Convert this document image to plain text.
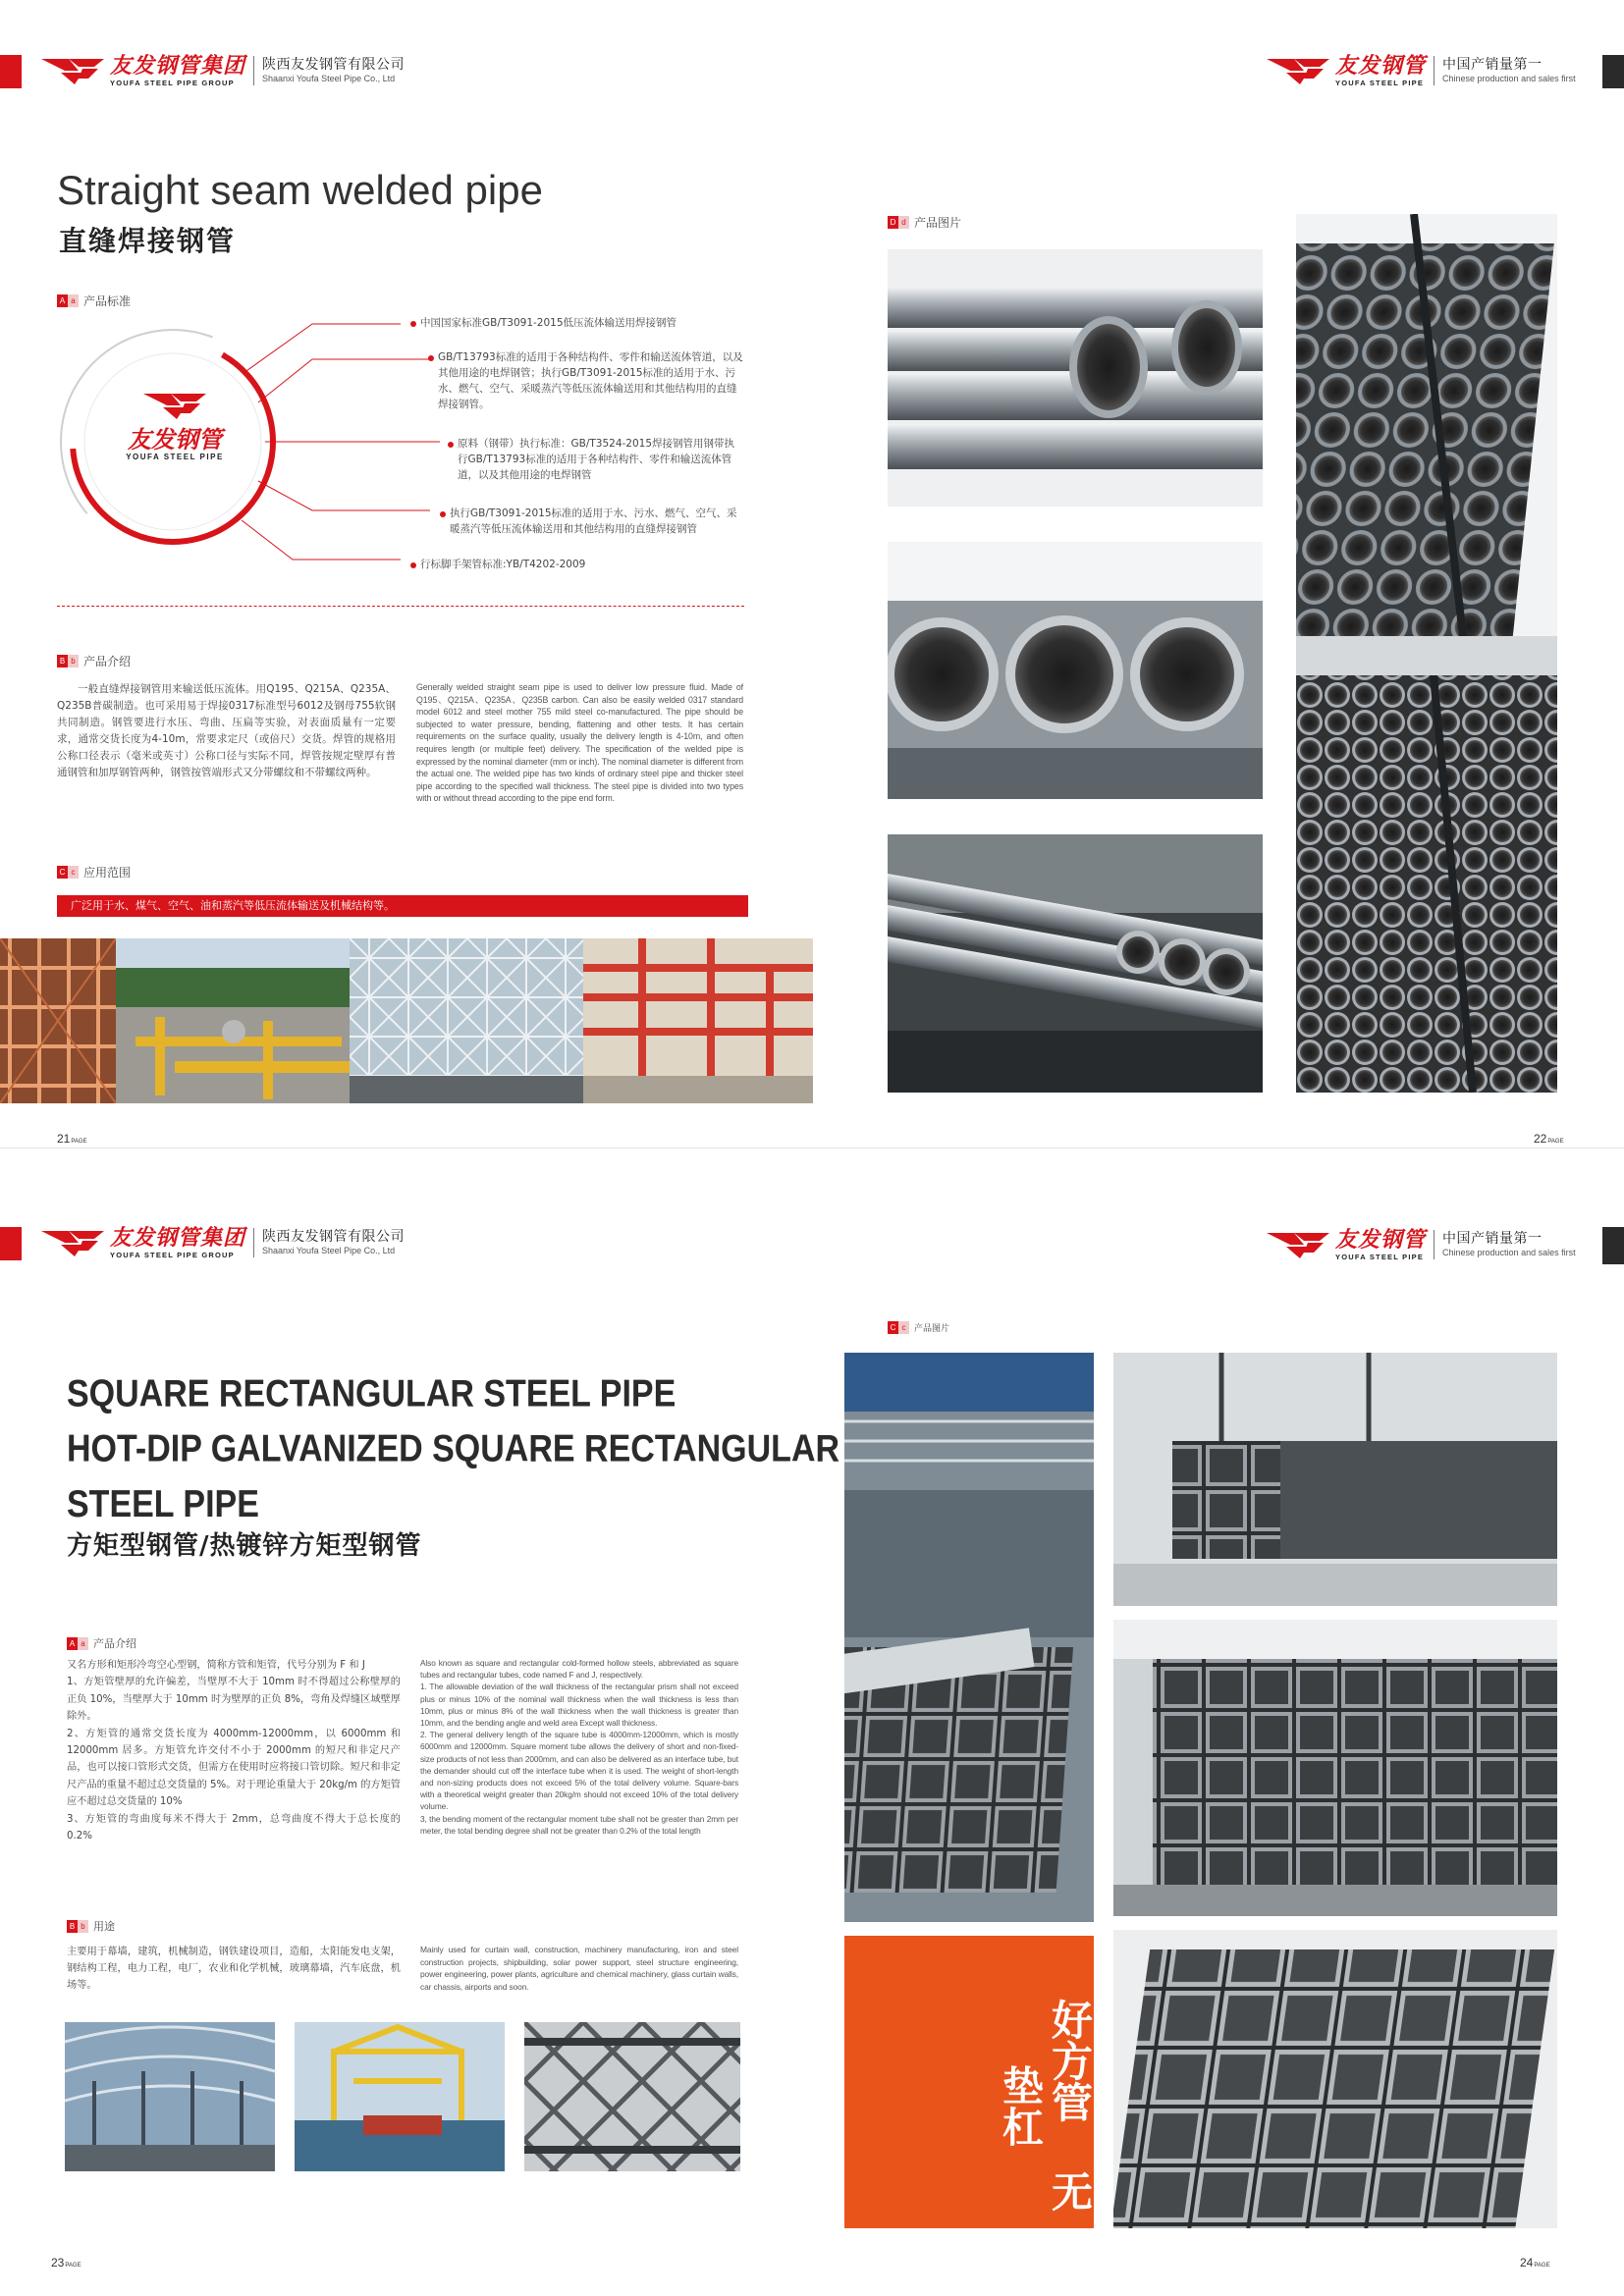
友发钢管集团
YOUFA STEEL PIPE GROUP
陕西友发钢管有限公司
Shaanxi Youfa Steel Pipe Co., Ltd
友发钢管
YOUFA STEEL PIPE
中国产销量第一
Chinese production and sales first
Straight seam welded pipe
直缝焊接钢管
A a 产品标准
友发钢管
YOUFA STEEL PIPE
中国国家标准GB/T3091-2015低压流体输送用焊接钢管
GB/T13793标准的适用于各种结构件、零件和输送流体管道，以及其他用途的电焊钢管；执行GB/T3091-2015标准的适用于水、污水、燃气、空气、采暖蒸汽等低压流体输送用和其他结构用的直缝焊接钢管。
原料（钢带）执行标准：GB/T3524-2015焊接钢管用钢带执行GB/T13793标准的适用于各种结构件、零件和输送流体管道，以及其他用途的电焊钢管
执行GB/T3091-2015标准的适用于水、污水、燃气、空气、采暖蒸汽等低压流体输送用和其他结构用的直缝焊接钢管
行标脚手架管标准:YB/T4202-2009
B b 产品介绍
一般直缝焊接钢管用来输送低压流体。用Q195、Q215A、Q235A、Q235B普碳制造。也可采用易于焊接0317标准型号6012及钢母755软钢共同制造。钢管要进行水压、弯曲、压扁等实验，对表面质量有一定要求，通常交货长度为4-10m，常要求定尺（或倍尺）交货。焊管的规格用公称口径表示（毫米或英寸）公称口径与实际不同，焊管按规定壁厚有普通钢管和加厚钢管两种，钢管按管端形式又分带螺纹和不带螺纹两种。
Generally welded straight seam pipe is used to deliver low pressure fluid. Made of Q195、Q215A、Q235A、Q235B carbon. Can also be easily welded 0317 standard model 6012 and steel mother 755 mild steel co-manufactured. The pipe should be subjected to water pressure, bending, flattening and other tests. It has certain requirements on the surface quality, usually the delivery length is 4-10m, and often requires length (or multiple feet) delivery. The specification of the welded pipe is expressed by the nominal diameter (mm or inch). The nominal diameter is different from the actual one. The welded pipe has two kinds of ordinary steel pipe and thicker steel pipe according to the specified wall thickness. The steel pipe is divided into two types with or without thread according to the pipe end form.
C c 应用范围
广泛用于水、煤气、空气、油和蒸汽等低压流体输送及机械结构等。
21PAGE
D d 产品图片
22PAGE
友发钢管集团
YOUFA STEEL PIPE GROUP
陕西友发钢管有限公司
Shaanxi Youfa Steel Pipe Co., Ltd	友发钢管
YOUFA STEEL PIPE
中国产销量第一
Chinese production and sales first
SQUARE RECTANGULAR STEEL PIPE
HOT-DIP GALVANIZED SQUARE RECTANGULAR
STEEL PIPE
方矩型钢管/热镀锌方矩型钢管
A a 产品介绍
又名方形和矩形冷弯空心型钢，简称方管和矩管，代号分别为 F 和 J
1、方矩管壁厚的允许偏差，当壁厚不大于 10mm 时不得超过公称壁厚的正负 10%，当壁厚大于 10mm 时为壁厚的正负 8%，弯角及焊缝区域壁厚除外。
2、方矩管的通常交货长度为 4000mm-12000mm，以 6000mm 和 12000mm 居多。方矩管允许交付不小于 2000mm 的短尺和非定尺产品，也可以接口管形式交货，但需方在使用时应将接口管切除。短尺和非定尺产品的重量不超过总交货量的 5%。对于理论重量大于 20kg/m 的方矩管应不超过总交货量的 10%
3、方矩管的弯曲度每米不得大于 2mm，总弯曲度不得大于总长度的 0.2%
Also known as square and rectangular cold-formed hollow steels, abbreviated as square tubes and rectangular tubes, code named F and J, respectively.
1. The allowable deviation of the wall thickness of the rectangular prism shall not exceed plus or minus 10% of the nominal wall thickness when the wall thickness is less than 10mm, plus or minus 8% of the wall thickness when the wall thickness is greater than 10mm, and the bending angle and weld area Except wall thickness.
2. The general delivery length of the square tube is 4000mm-12000mm, which is mostly 6000mm and 12000mm. Square moment tube allows the delivery of short and non-fixed-size products of not less than 2000mm, and can also be delivered as an interface tube, but the demander should cut off the interface tube when it is used. The weight of short-length and non-sizing products does not exceed 5% of the total delivery volume. Square-bars with a theoretical weight greater than 20kg/m should not exceed 10% of the total delivery volume.
3, the bending moment of the rectangular moment tube shall not be greater than 2mm per meter, the total bending degree shall not be greater than 0.2% of the total length
B b 用途
主要用于幕墙，建筑，机械制造，钢铁建设项目，造船，太阳能发电支架，钢结构工程，电力工程，电厂，农业和化学机械，玻璃幕墙，汽车底盘，机场等。
Mainly used for curtain wall, construction, machinery manufacturing, iron and steel construction projects, shipbuilding, solar power support, steel structure engineering, power engineering, power plants, agriculture and chemical machinery, glass curtain walls, car chassis, airports and soon.
23PAGE
C c 产品图片
好方管  无垫杠
24PAGE
